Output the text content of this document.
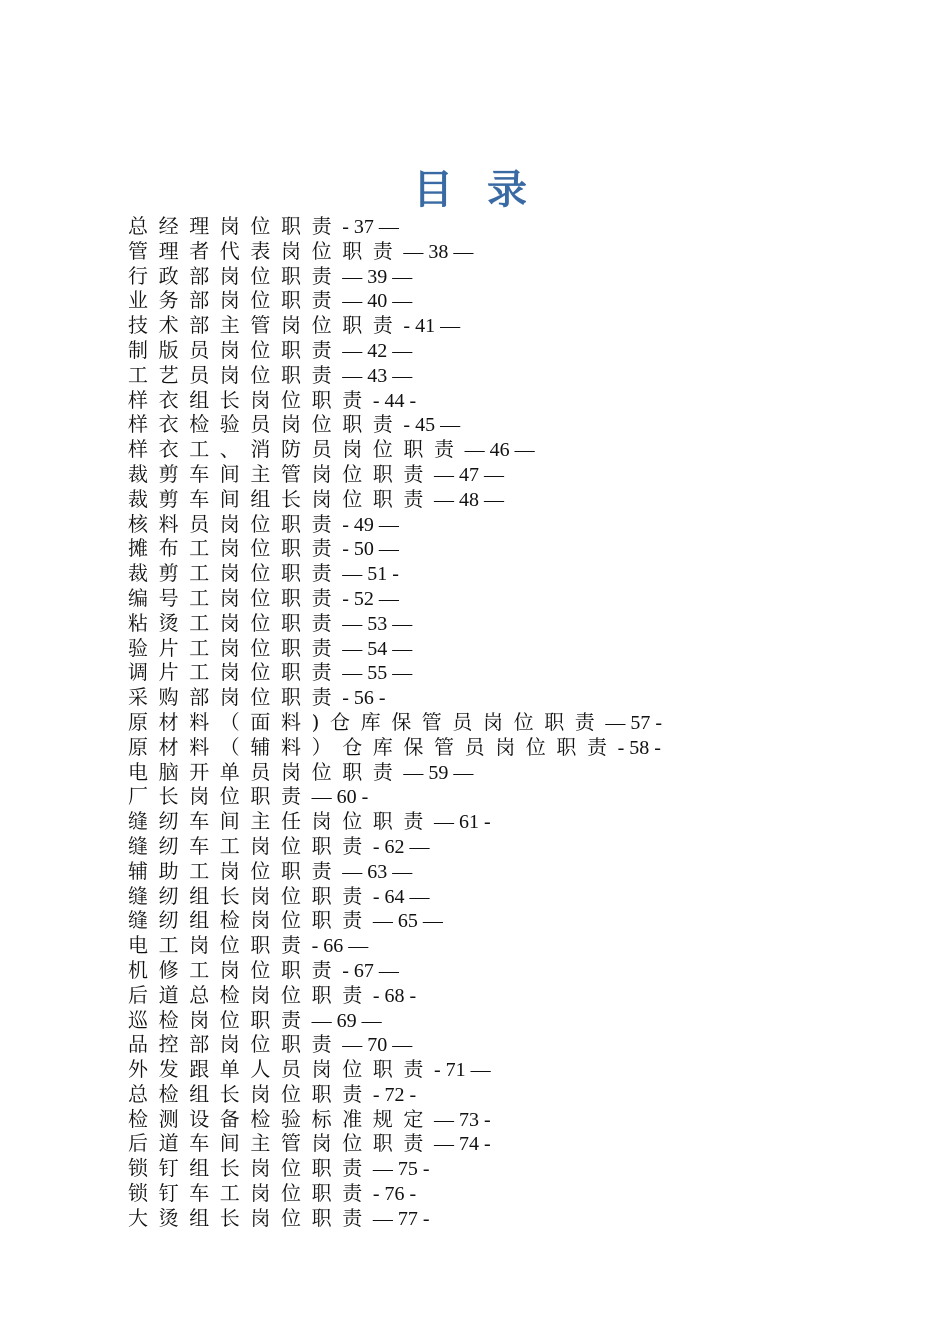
目 录
总经理岗位职责- 37 —
管理者代表岗位职责— 38 —
行政部岗位职责— 39 —
业务部岗位职责— 40 —
技术部主管岗位职责- 41 —
制版员岗位职责— 42 —
工艺员岗位职责— 43 —
样衣组长岗位职责- 44 -
样衣检验员岗位职责- 45 —
样衣工、消防员岗位职责— 46 —
裁剪车间主管岗位职责— 47 —
裁剪车间组长岗位职责— 48 —
核料员岗位职责- 49 —
摊布工岗位职责- 50 —
裁剪工岗位职责— 51 -
编号工岗位职责- 52 —
粘烫工岗位职责— 53 —
验片工岗位职责— 54 —
调片工岗位职责— 55 —
采购部岗位职责- 56 -
原材料（面料)仓库保管员岗位职责— 57 -
原材料（辅料）仓库保管员岗位职责- 58 -
电脑开单员岗位职责— 59 —
厂长岗位职责— 60 -
缝纫车间主任岗位职责— 61 -
缝纫车工岗位职责- 62 —
辅助工岗位职责— 63 —
缝纫组长岗位职责- 64 —
缝纫组检岗位职责— 65 —
电工岗位职责- 66 —
机修工岗位职责- 67 —
后道总检岗位职责- 68 -
巡检岗位职责— 69 —
品控部岗位职责— 70 —
外发跟单人员岗位职责- 71 —
总检组长岗位职责- 72 -
检测设备检验标准规定— 73 -
后道车间主管岗位职责— 74 -
锁钉组长岗位职责— 75 -
锁钉车工岗位职责- 76 -
大烫组长岗位职责— 77 -
